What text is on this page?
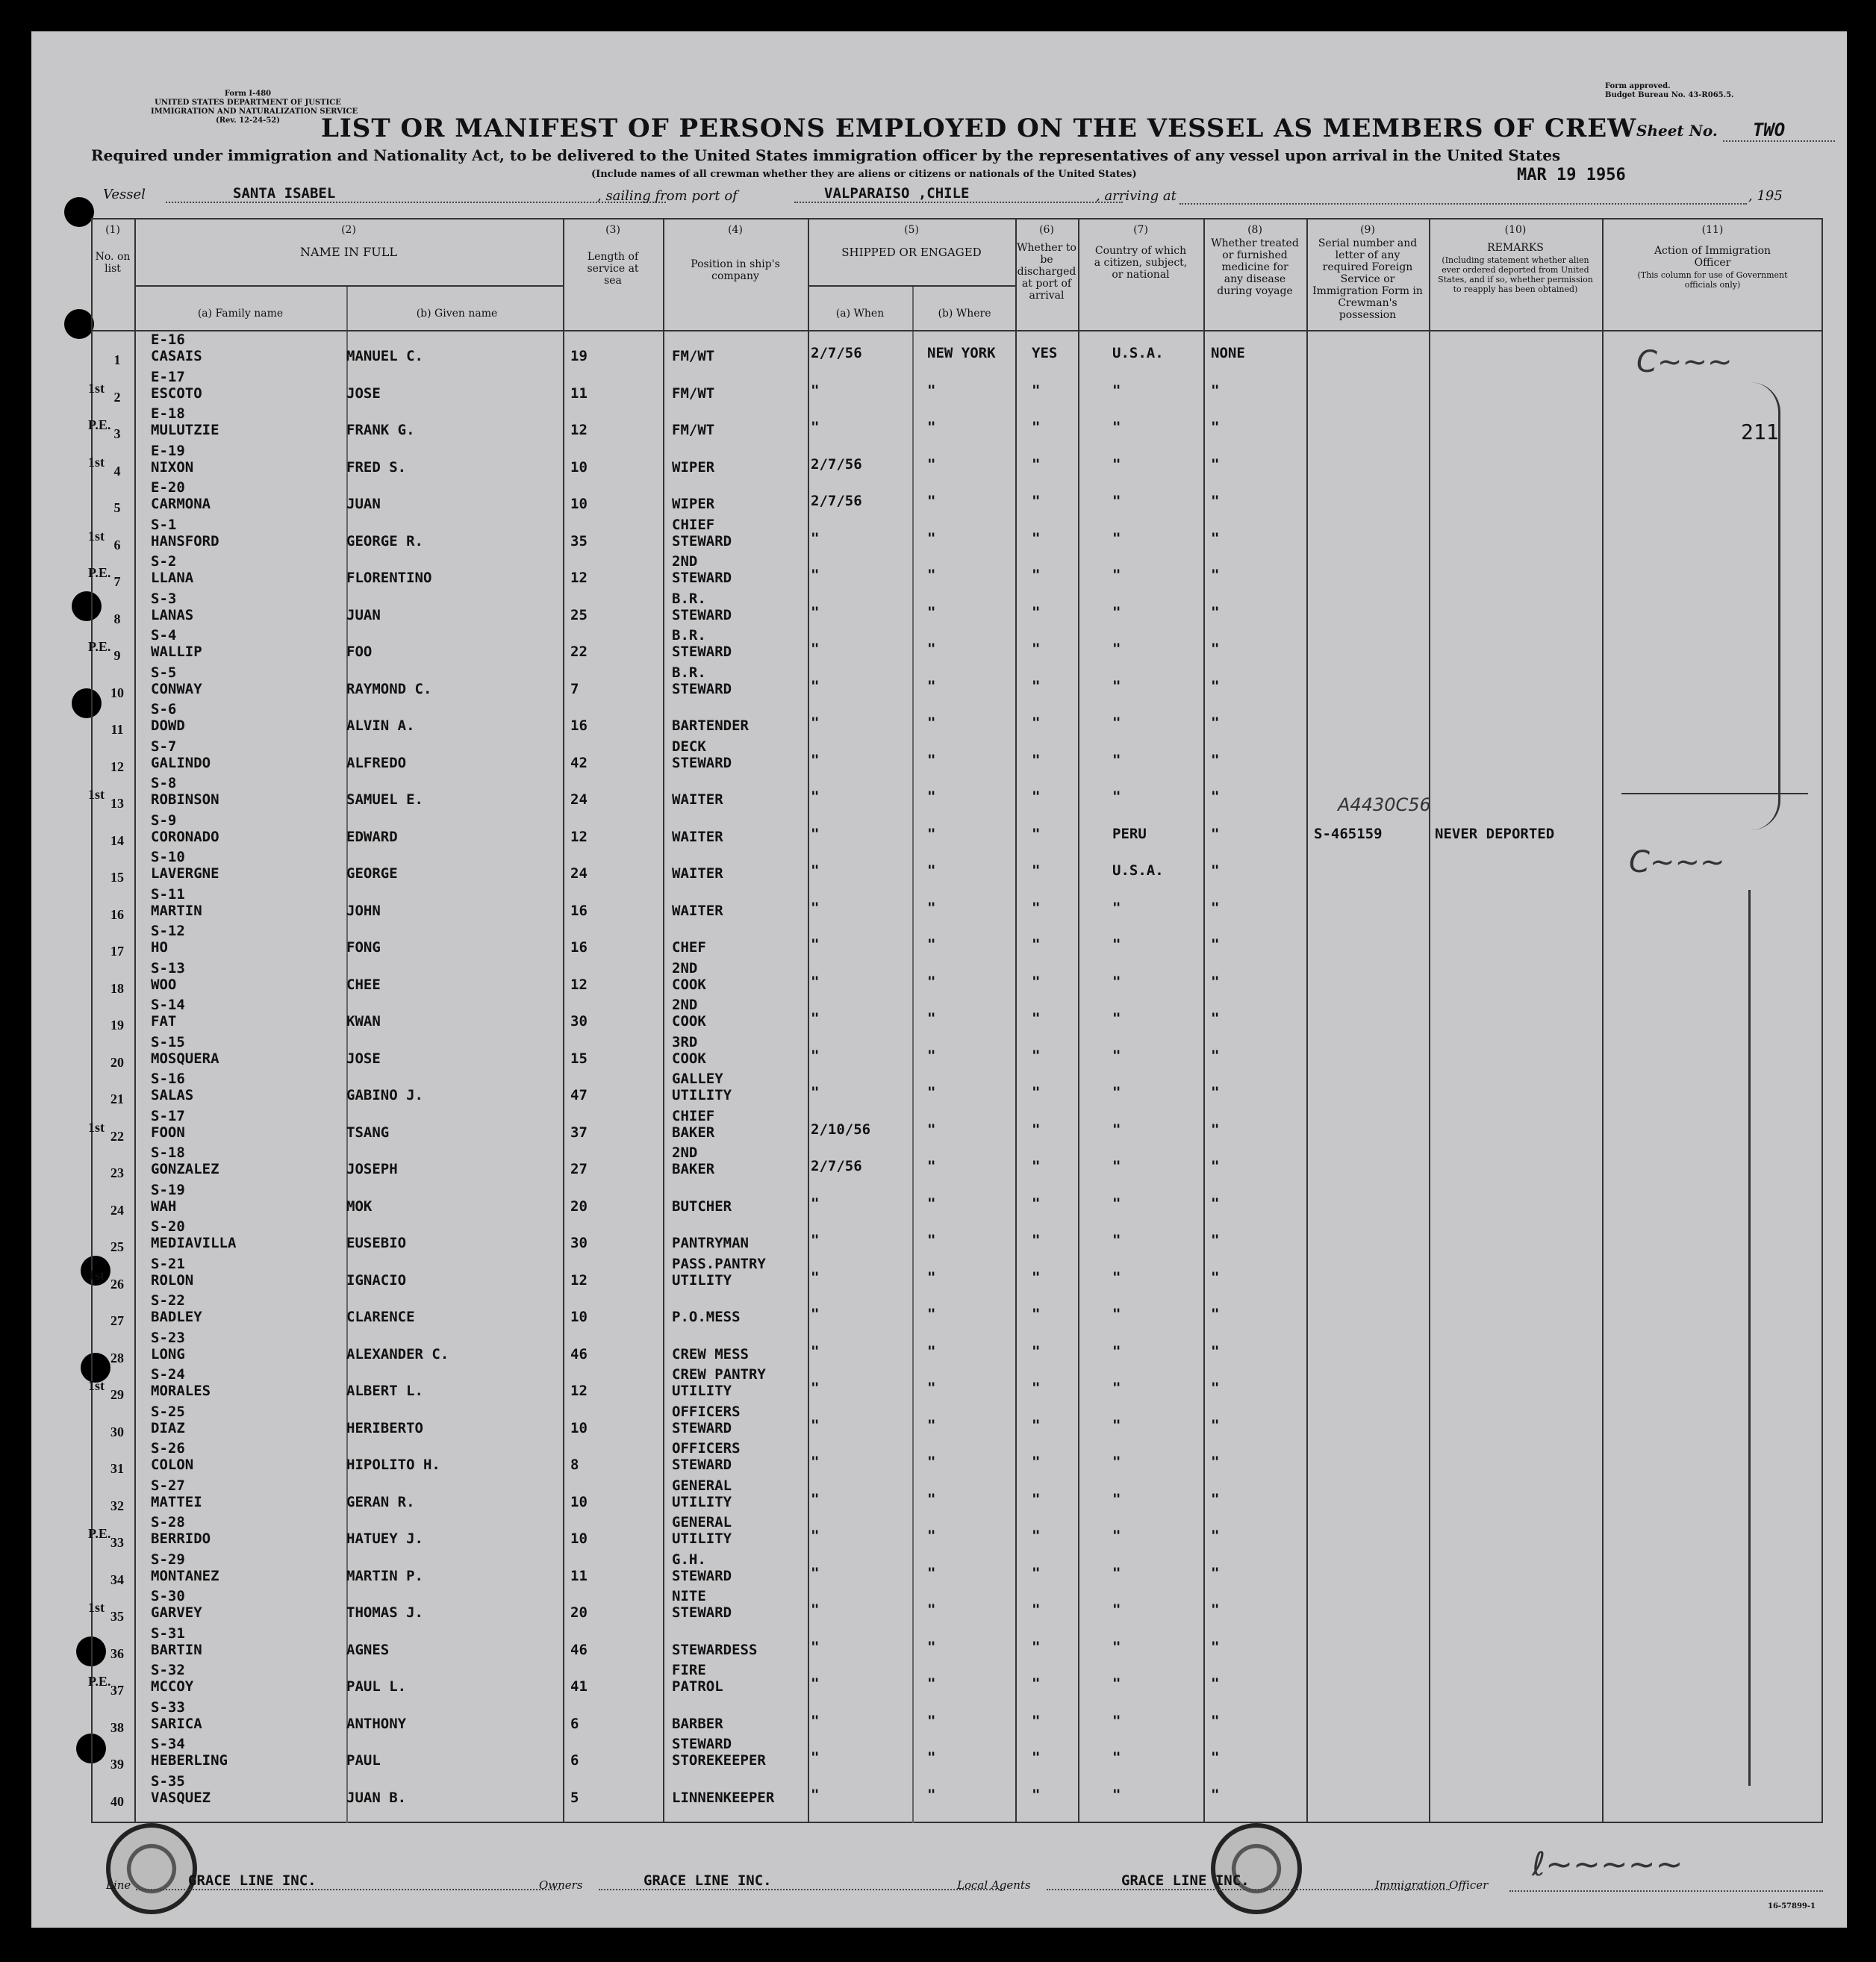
Form I-480
UNITED STATES DEPARTMENT OF JUSTICE
IMMIGRATION AND NATURALIZATION SERVICE
(Rev. 12-24-52)
Form approved.
Budget Bureau No. 43-R065.5.
LIST OR MANIFEST OF PERSONS EMPLOYED ON THE VESSEL AS MEMBERS OF CREW Sheet No. TWO
Required under immigration and Nationality Act, to be delivered to the United States immigration officer by the representatives of any vessel upon arrival in the United States
(Include names of all crewman whether they are aliens or citizens or nationals of the United States)
Vessel	SANTA ISABEL	, sailing from port of	VALPARAISO ,CHILE	, arriving at
MAR 19 1956
, 195
(1)
No. on list
(2)
NAME IN FULL
(a) Family name	(b) Given name
(3)
Length of service at sea
(4)
Position in ship's company
(5)
SHIPPED OR ENGAGED
(a) When	(b) Where
(6)
Whether to be discharged at port of arrival
(7)
Country of which a citizen, subject, or national
(8)
Whether treated or furnished medicine for any disease during voyage
(9)
Serial number and letter of any required Foreign Service or Immigration Form in Crewman's possession
(10)
REMARKS
(Including statement whether alien ever ordered deported from United States, and if so, whether permission to reapply has been obtained)
(11)
Action of Immigration Officer
(This column for use of Government officials only)
1
E-16
CASAIS	MANUEL C.	19	FM/WT	2/7/56	NEW YORK	YES	U.S.A.	NONE
2
1st
E-17
ESCOTO	JOSE	11	FM/WT	"	"	"	"	"
3
P.E.
E-18
MULUTZIE	FRANK G.	12	FM/WT	"	"	"	"	"
4
1st
E-19
NIXON	FRED S.	10	WIPER	2/7/56	"	"	"	"
5
E-20
CARMONA	JUAN	10	WIPER	2/7/56	"	"	"	"
6
1st
S-1
HANSFORD	GEORGE R.	35
CHIEF
STEWARD	"	"	"	"	"
7
P.E.
S-2
LLANA	FLORENTINO	12
2ND
STEWARD	"	"	"	"	"
8
S-3
LANAS	JUAN	25
B.R.
STEWARD	"	"	"	"	"
9
P.E.
S-4
WALLIP	FOO	22
B.R.
STEWARD	"	"	"	"	"
10
S-5
CONWAY	RAYMOND C.	7
B.R.
STEWARD	"	"	"	"	"
11
S-6
DOWD	ALVIN A.	16	BARTENDER	"	"	"	"	"
12
S-7
GALINDO	ALFREDO	42
DECK
STEWARD	"	"	"	"	"
13
1st
S-8
ROBINSON	SAMUEL E.	24	WAITER	"	"	"	"	"
14
S-9
CORONADO	EDWARD	12	WAITER	"	"	"	PERU	"	S-465159	NEVER DEPORTED
15
S-10
LAVERGNE	GEORGE	24	WAITER	"	"	"	U.S.A.	"
16
S-11
MARTIN	JOHN	16	WAITER	"	"	"	"	"
17
S-12
HO	FONG	16	CHEF	"	"	"	"	"
18
S-13
WOO	CHEE	12
2ND
COOK	"	"	"	"	"
19
S-14
FAT	KWAN	30
2ND
COOK	"	"	"	"	"
20
S-15
MOSQUERA	JOSE	15
3RD
COOK	"	"	"	"	"
21
S-16
SALAS	GABINO J.	47
GALLEY
UTILITY	"	"	"	"	"
22
1st
S-17
FOON	TSANG	37
CHIEF
BAKER	2/10/56	"	"	"	"
23
S-18
GONZALEZ	JOSEPH	27
2ND
BAKER	2/7/56	"	"	"	"
24
S-19
WAH	MOK	20	BUTCHER	"	"	"	"	"
25
S-20
MEDIAVILLA	EUSEBIO	30	PANTRYMAN	"	"	"	"	"
26
1st
S-21
ROLON	IGNACIO	12
PASS.PANTRY
UTILITY	"	"	"	"	"
27
S-22
BADLEY	CLARENCE	10	P.O.MESS	"	"	"	"	"
28
S-23
LONG	ALEXANDER C.	46	CREW MESS	"	"	"	"	"
29
1st
S-24
MORALES	ALBERT L.	12
CREW PANTRY
UTILITY	"	"	"	"	"
30
S-25
DIAZ	HERIBERTO	10
OFFICERS
STEWARD	"	"	"	"	"
31
S-26
COLON	HIPOLITO H.	8
OFFICERS
STEWARD	"	"	"	"	"
32
S-27
MATTEI	GERAN R.	10
GENERAL
UTILITY	"	"	"	"	"
33
P.E.
S-28
BERRIDO	HATUEY J.	10
GENERAL
UTILITY	"	"	"	"	"
34
S-29
MONTANEZ	MARTIN P.	11
G.H.
STEWARD	"	"	"	"	"
35
1st
S-30
GARVEY	THOMAS J.	20
NITE
STEWARD	"	"	"	"	"
36
S-31
BARTIN	AGNES	46	STEWARDESS	"	"	"	"	"
37
P.E.
S-32
MCCOY	PAUL L.	41
FIRE
PATROL	"	"	"	"	"
38
S-33
SARICA	ANTHONY	6	BARBER	"	"	"	"	"
39
S-34
HEBERLING	PAUL	6
STEWARD
STOREKEEPER	"	"	"	"	"
40
S-35
VASQUEZ	JUAN B.	5	LINNENKEEPER	"	"	"	"	"
C~~~
211
C~~~
A4430C56
Line	GRACE LINE INC.	Owners	GRACE LINE INC.	Local Agents	GRACE LINE INC.	Immigration Officer
ℓ~~~~~
16-57899-1
